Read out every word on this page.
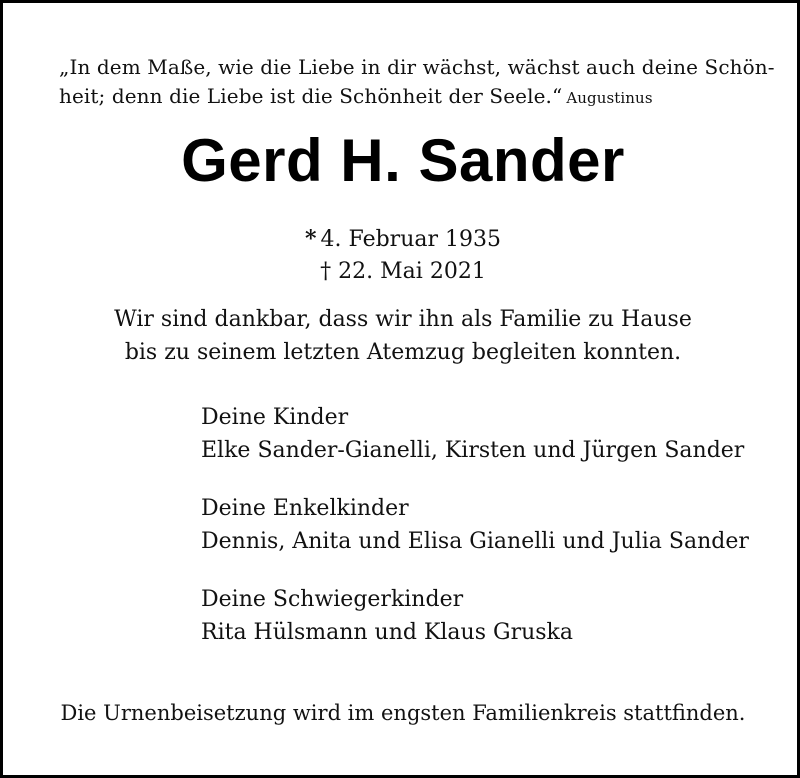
„In dem Maße, wie die Liebe in dir wächst, wächst auch deine Schön-
heit; denn die Liebe ist die Schönheit der Seele.“ Augustinus
Gerd H. Sander
* 4. Februar 1935
† 22. Mai 2021
Wir sind dankbar, dass wir ihn als Familie zu Hause
bis zu seinem letzten Atemzug begleiten konnten.
Deine Kinder
Elke Sander-Gianelli, Kirsten und Jürgen Sander
Deine Enkelkinder
Dennis, Anita und Elisa Gianelli und Julia Sander
Deine Schwiegerkinder
Rita Hülsmann und Klaus Gruska
Die Urnenbeisetzung wird im engsten Familienkreis stattfinden.
